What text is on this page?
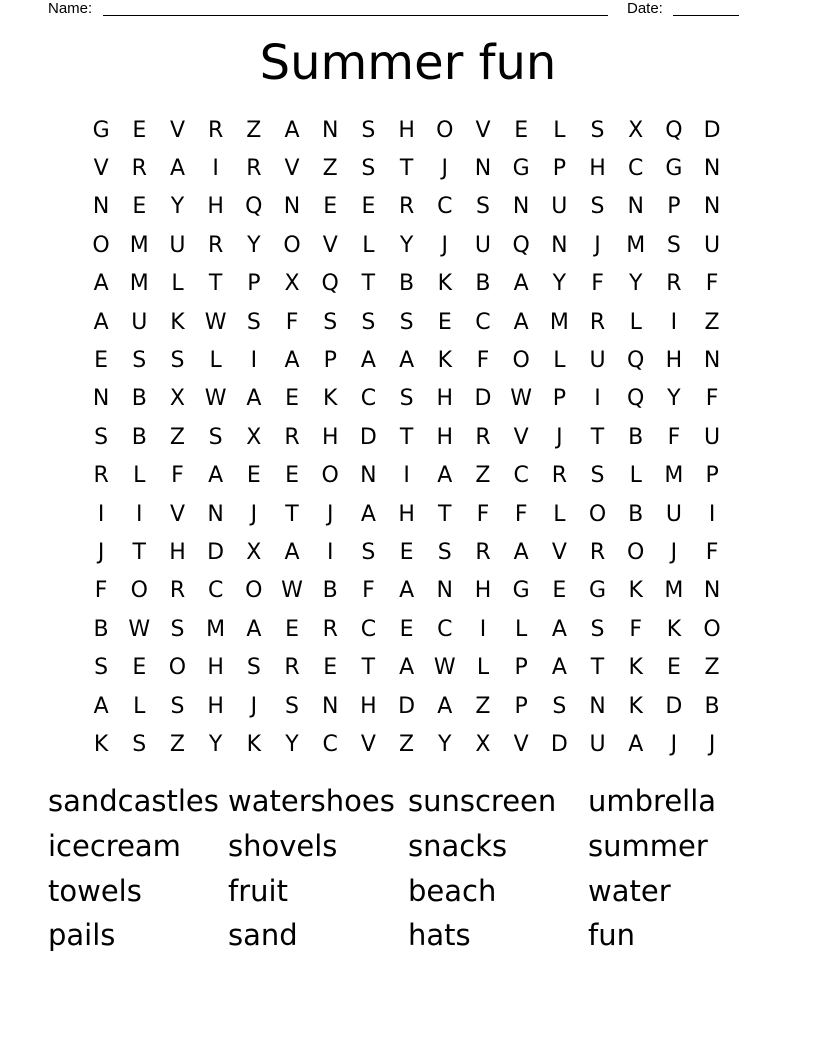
Name:	Date:
Summer fun
G	E	V	R	Z	A	N	S	H O	V	E	L	S	X Q D
V	R	A	I	R	V	Z	S	T	J	N G	P	H	C G N
N	E	Y	H Q N	E	E	R	C	S	N U	S	N	P	N
O M U	R	Y	O	V	L	Y	J	U Q N	J	M S	U
A M	L	T	P	X Q	T	B	K	B	A	Y	F	Y	R	F
A	U	K W S	F	S	S	S	E	C	A M R	L	I	Z
E	S	S	L	I	A	P	A	A	K	F	O	L	U Q H N
N	B	X W A	E	K	C	S	H D W P	I	Q	Y	F
S	B	Z	S	X	R	H D	T	H	R	V	J	T	B	F	U
R	L	F	A	E	E	O N	I	A	Z	C	R	S	L	M	P
I	I	V	N	J	T	J	A	H	T	F	F	L	O B	U	I
J	T	H D	X	A	I	S	E	S	R	A	V	R O	J	F
F	O R	C O W B	F	A	N H G	E	G	K M N
B W S M A	E	R	C	E	C	I	L	A	S	F	K	O
S	E	O H	S	R	E	T	A W L	P	A	T	K	E	Z
A	L	S	H	J	S	N H D	A	Z	P	S	N	K	D	B
K	S	Z	Y	K	Y	C	V	Z	Y	X	V	D U	A	J	J
sandcastles watershoes sunscreen	umbrella
icecream	shovels	snacks	summer
towels	fruit	beach	water
pails	sand	hats	fun
